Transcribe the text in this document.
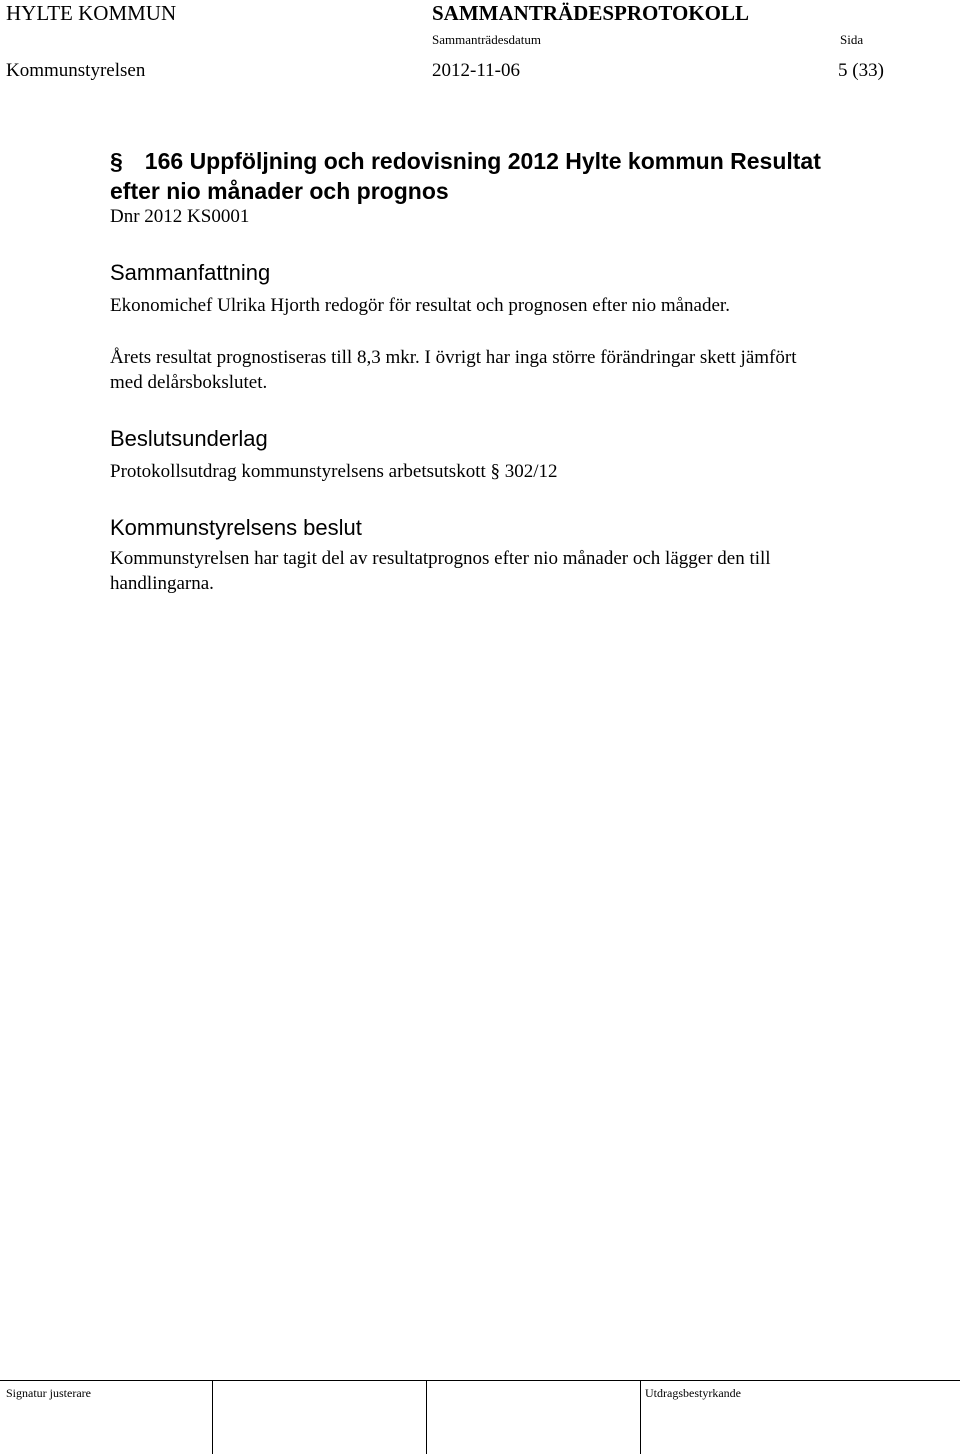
HYLTE KOMMUN	SAMMANTRÄDESPROTOKOLL
Sammanträdesdatum	Sida
Kommunstyrelsen	2012-11-06	5 (33)
§ 166 Uppföljning och redovisning 2012 Hylte kommun Resultat
efter nio månader och prognos
Dnr 2012 KS0001
Sammanfattning
Ekonomichef Ulrika Hjorth redogör för resultat och prognosen efter nio månader.
Årets resultat prognostiseras till 8,3 mkr. I övrigt har inga större förändringar skett jämfört
med delårsbokslutet.
Beslutsunderlag
Protokollsutdrag kommunstyrelsens arbetsutskott § 302/12
Kommunstyrelsens beslut
Kommunstyrelsen har tagit del av resultatprognos efter nio månader och lägger den till
handlingarna.
Signatur justerare	Utdragsbestyrkande
